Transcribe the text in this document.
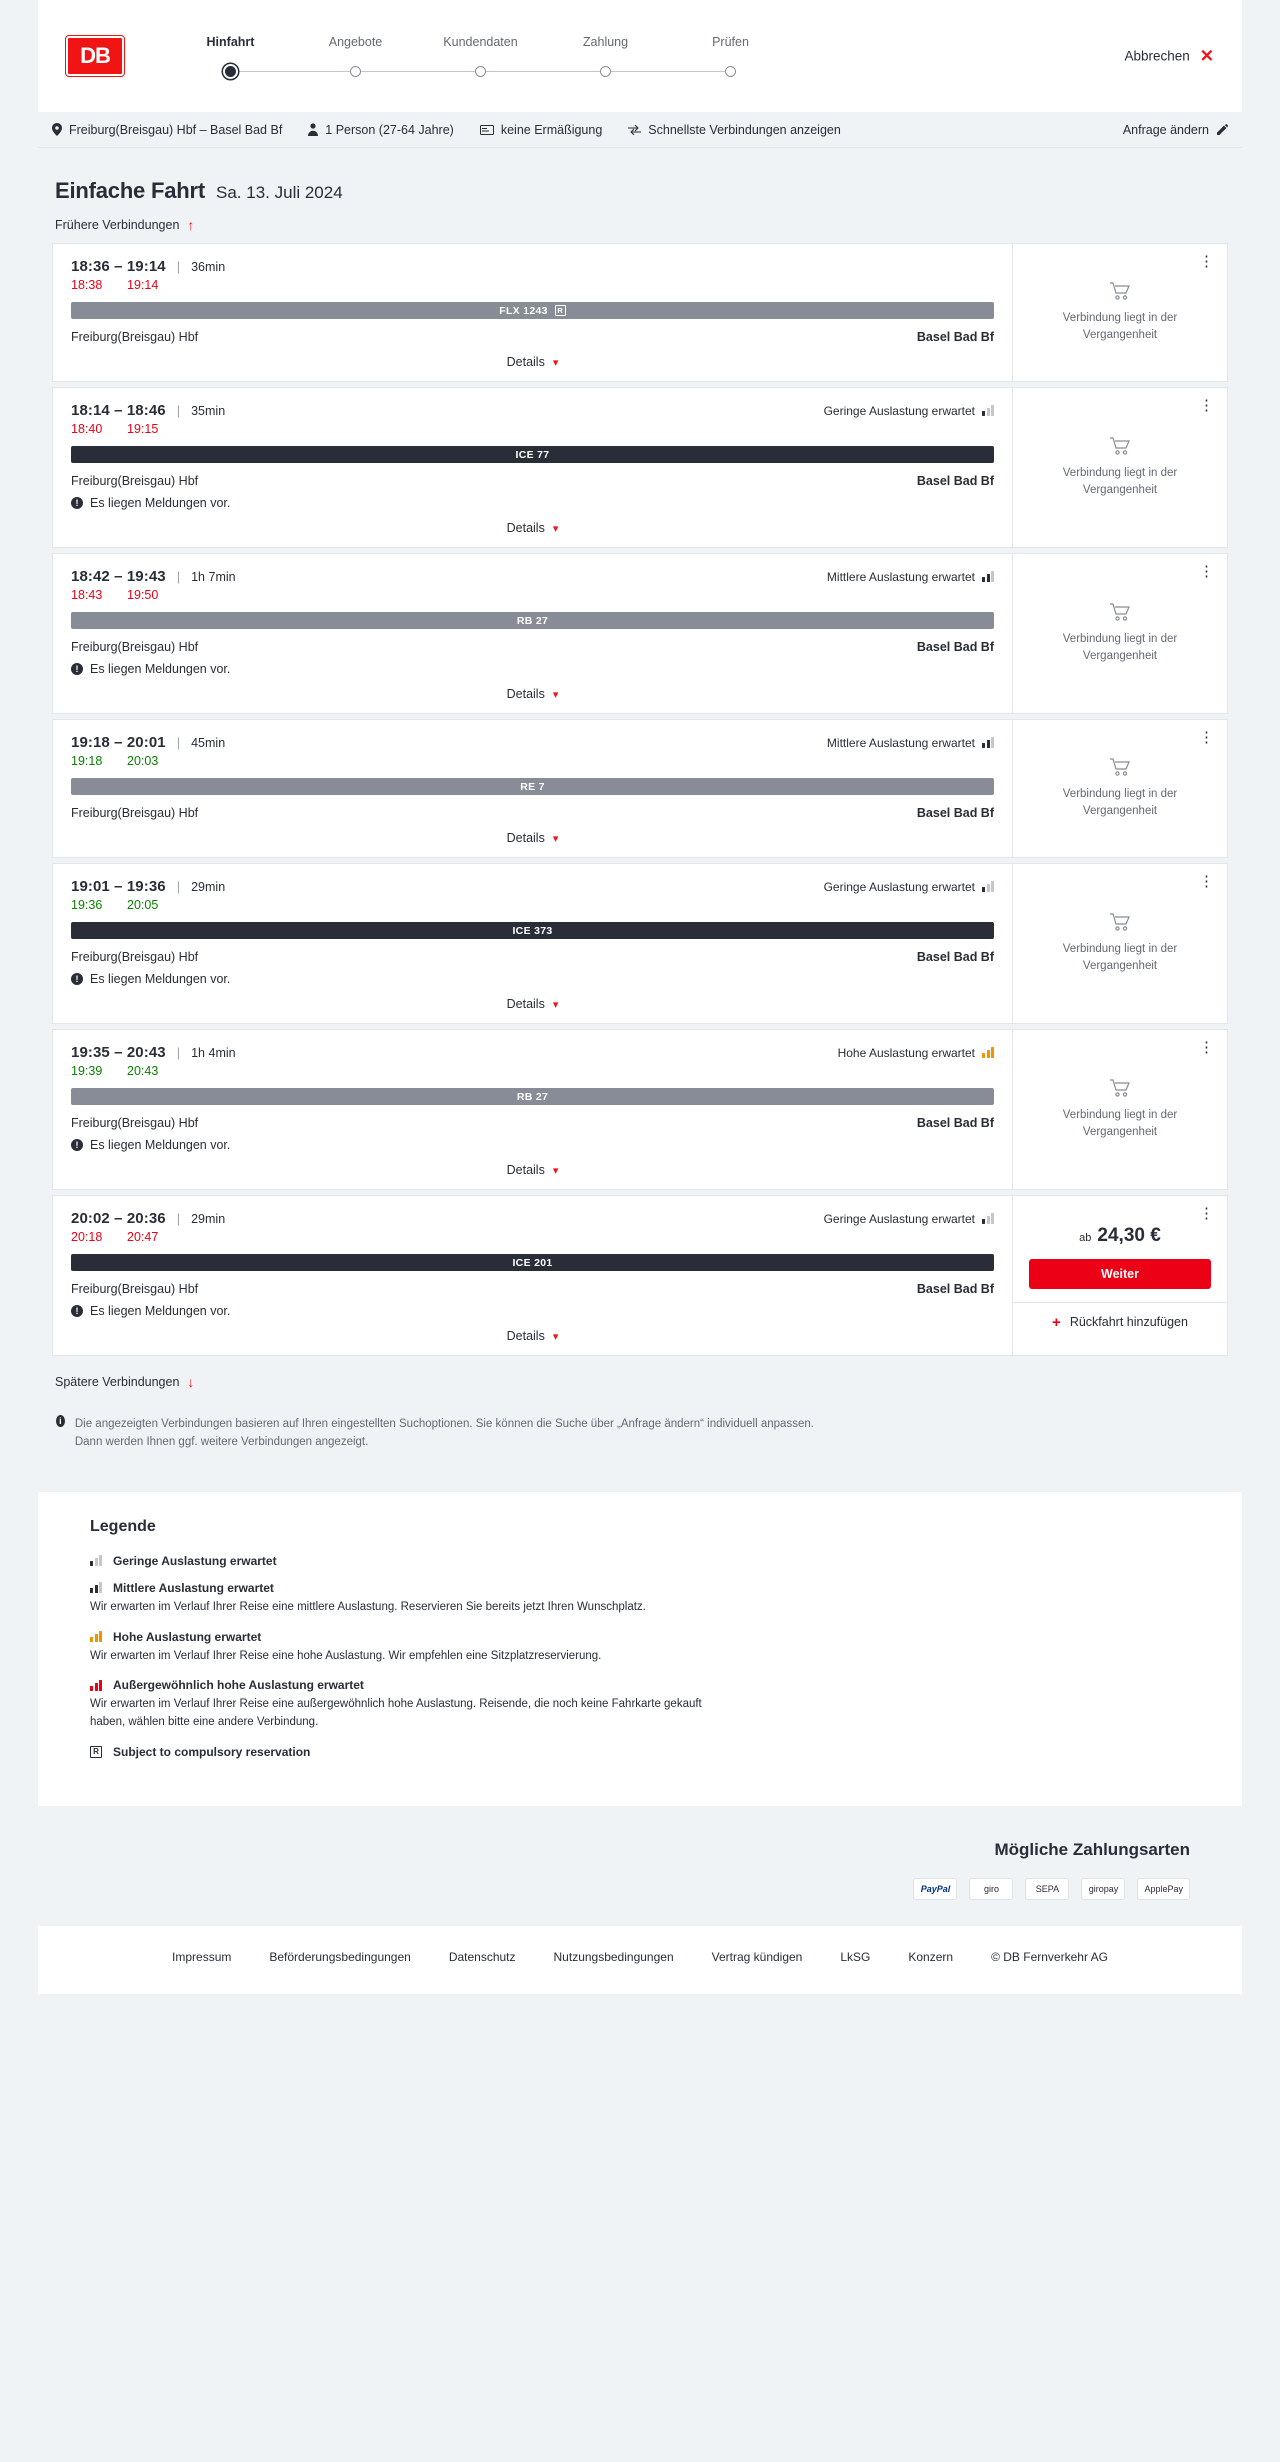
DB
Hinfahrt	Angebote	Kundendaten	Zahlung	Prüfen
Abbrechen ✕
Freiburg(Breisgau) Hbf – Basel Bad Bf	1 Person (27-64 Jahre)	keine Ermäßigung	Schnellste Verbindungen anzeigen	Anfrage ändern
Einfache Fahrt Sa. 13. Juli 2024
Frühere Verbindungen ↑
18:36 – 19:14 | 36min
18:38	19:14
FLX 1243	R
Freiburg(Breisgau) Hbf	Basel Bad Bf
Details ▾
⋮
Verbindung liegt in der Vergangenheit
18:14 – 18:46 | 35min	Geringe Auslastung erwartet
18:40	19:15
ICE 77
Freiburg(Breisgau) Hbf	Basel Bad Bf
! Es liegen Meldungen vor.
Details ▾
⋮
Verbindung liegt in der Vergangenheit
18:42 – 19:43 | 1h 7min	Mittlere Auslastung erwartet
18:43	19:50
RB 27
Freiburg(Breisgau) Hbf	Basel Bad Bf
! Es liegen Meldungen vor.
Details ▾
⋮
Verbindung liegt in der Vergangenheit
19:18 – 20:01 | 45min	Mittlere Auslastung erwartet
19:18	20:03
RE 7
Freiburg(Breisgau) Hbf	Basel Bad Bf
Details ▾
⋮
Verbindung liegt in der Vergangenheit
19:01 – 19:36 | 29min	Geringe Auslastung erwartet
19:36	20:05
ICE 373
Freiburg(Breisgau) Hbf	Basel Bad Bf
! Es liegen Meldungen vor.
Details ▾
⋮
Verbindung liegt in der Vergangenheit
19:35 – 20:43 | 1h 4min	Hohe Auslastung erwartet
19:39	20:43
RB 27
Freiburg(Breisgau) Hbf	Basel Bad Bf
! Es liegen Meldungen vor.
Details ▾
⋮
Verbindung liegt in der Vergangenheit
20:02 – 20:36 | 29min	Geringe Auslastung erwartet
20:18	20:47
ICE 201
Freiburg(Breisgau) Hbf	Basel Bad Bf
! Es liegen Meldungen vor.
Details ▾
⋮
ab 24,30 €
Weiter
+ Rückfahrt hinzufügen
Spätere Verbindungen ↓
i Die angezeigten Verbindungen basieren auf Ihren eingestellten Suchoptionen. Sie können die Suche über „Anfrage ändern“ individuell anpassen. Dann werden Ihnen ggf. weitere Verbindungen angezeigt.
Legende
Geringe Auslastung erwartet
Mittlere Auslastung erwartet
Wir erwarten im Verlauf Ihrer Reise eine mittlere Auslastung. Reservieren Sie bereits jetzt Ihren Wunschplatz.
Hohe Auslastung erwartet
Wir erwarten im Verlauf Ihrer Reise eine hohe Auslastung. Wir empfehlen eine Sitzplatzreservierung.
Außergewöhnlich hohe Auslastung erwartet
Wir erwarten im Verlauf Ihrer Reise eine außergewöhnlich hohe Auslastung. Reisende, die noch keine Fahrkarte gekauft haben, wählen bitte eine andere Verbindung.
R Subject to compulsory reservation
Mögliche Zahlungsarten
PayPal	giro	SEPA	giropay	ApplePay
Impressum	Beförderungsbedingungen	Datenschutz	Nutzungsbedingungen	Vertrag kündigen	LkSG	Konzern	© DB Fernverkehr AG
